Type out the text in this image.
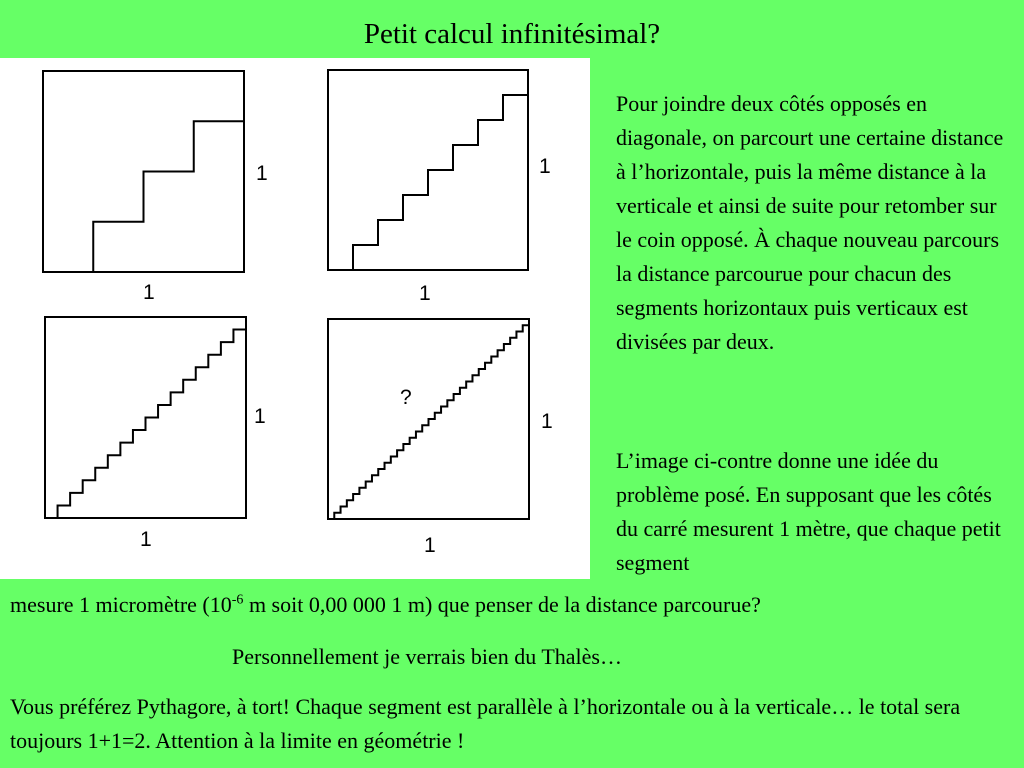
Petit calcul infinitésimal?
1
1
1
1
1
1
?
1
1

Pour joindre deux côtés opposés en diagonale, on parcourt une certaine distance à l’horizontale, puis la même distance à la verticale et ainsi de suite pour retomber sur le coin opposé. À chaque nouveau parcours la distance parcourue pour chacun des segments horizontaux puis verticaux est divisées par deux.

L’image ci-contre donne une idée du problème posé. En supposant que les côtés du carré mesurent 1 mètre, que chaque petit segment

mesure 1 micromètre ($10^{-6}$ m soit 0,00 000 1 m) que penser de la distance parcourue?

Personnellement je verrais bien du Thalès…

Vous préférez Pythagore, à tort! Chaque segment est parallèle à l’horizontale ou à la verticale… le total sera toujours 1+1=2. Attention à la limite en géométrie !
